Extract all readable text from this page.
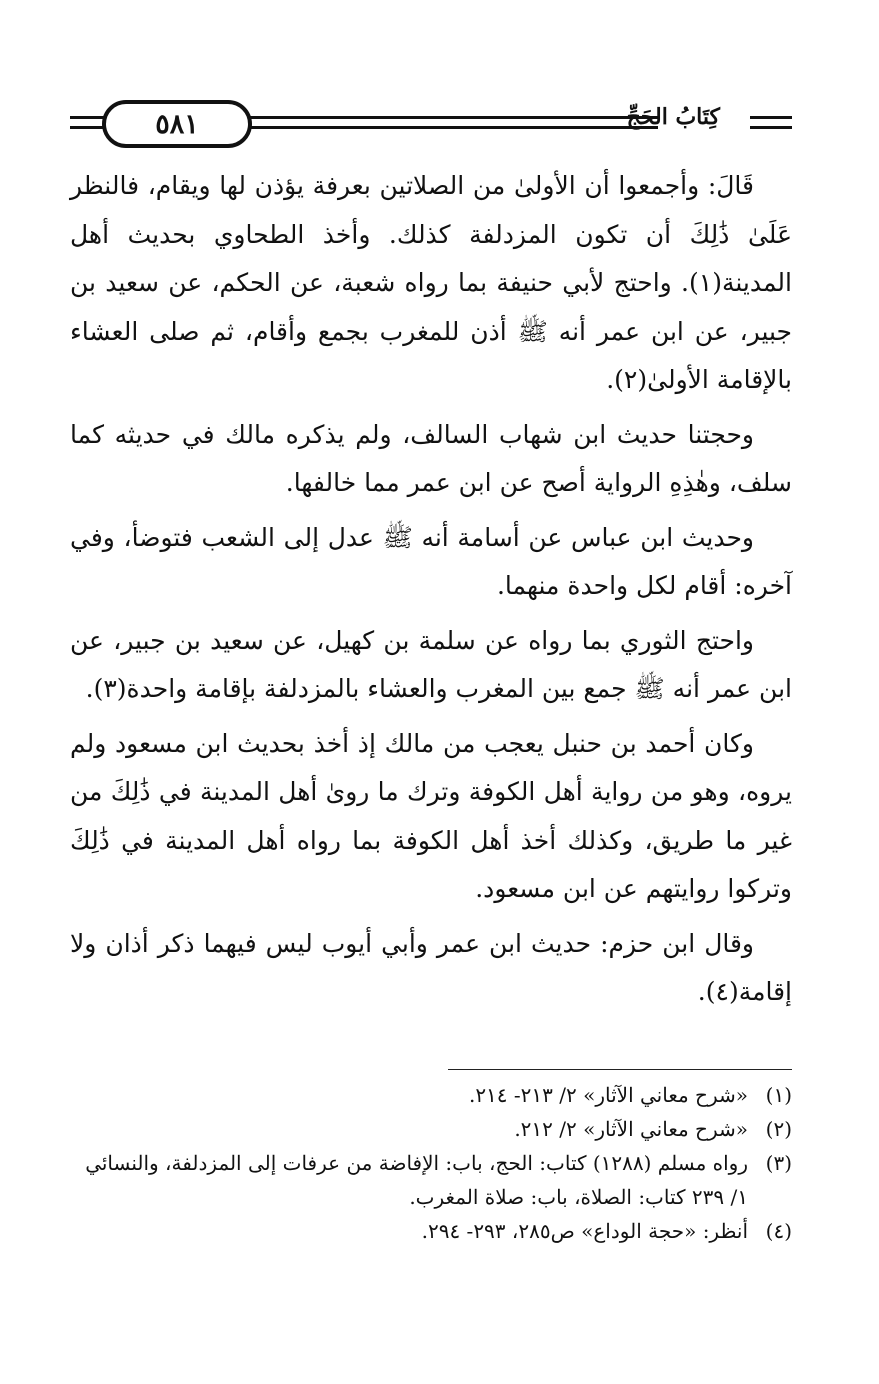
٥٨١	كِتَابُ الحَجِّ

قَالَ: وأجمعوا أن الأولىٰ من الصلاتين بعرفة يؤذن لها ويقام، فالنظر عَلَىٰ ذَٰلِكَ أن تكون المزدلفة كذلك. وأخذ الطحاوي بحديث أهل المدينة(١). واحتج لأبي حنيفة بما رواه شعبة، عن الحكم، عن سعيد بن جبير، عن ابن عمر أنه ﷺ أذن للمغرب بجمع وأقام، ثم صلى العشاء بالإقامة الأولىٰ(٢).

وحجتنا حديث ابن شهاب السالف، ولم يذكره مالك في حديثه كما سلف، وهٰذِهِ الرواية أصح عن ابن عمر مما خالفها.

وحديث ابن عباس عن أسامة أنه ﷺ عدل إلى الشعب فتوضأ، وفي آخره: أقام لكل واحدة منهما.

واحتج الثوري بما رواه عن سلمة بن كهيل، عن سعيد بن جبير، عن ابن عمر أنه ﷺ جمع بين المغرب والعشاء بالمزدلفة بإقامة واحدة(٣).

وكان أحمد بن حنبل يعجب من مالك إذ أخذ بحديث ابن مسعود ولم يروه، وهو من رواية أهل الكوفة وترك ما روىٰ أهل المدينة في ذَٰلِكَ من غير ما طريق، وكذلك أخذ أهل الكوفة بما رواه أهل المدينة في ذَٰلِكَ وتركوا روايتهم عن ابن مسعود.

وقال ابن حزم: حديث ابن عمر وأبي أيوب ليس فيهما ذكر أذان ولا إقامة(٤).

(١)
«شرح معاني الآثار» ٢/ ٢١٣- ٢١٤.
(٢)
«شرح معاني الآثار» ٢/ ٢١٢.
(٣)
رواه مسلم (١٢٨٨) كتاب: الحج، باب: الإفاضة من عرفات إلى المزدلفة، والنسائي ١/ ٢٣٩ كتاب: الصلاة، باب: صلاة المغرب.
(٤)
أنظر: «حجة الوداع» ص٢٨٥، ٢٩٣- ٢٩٤.
